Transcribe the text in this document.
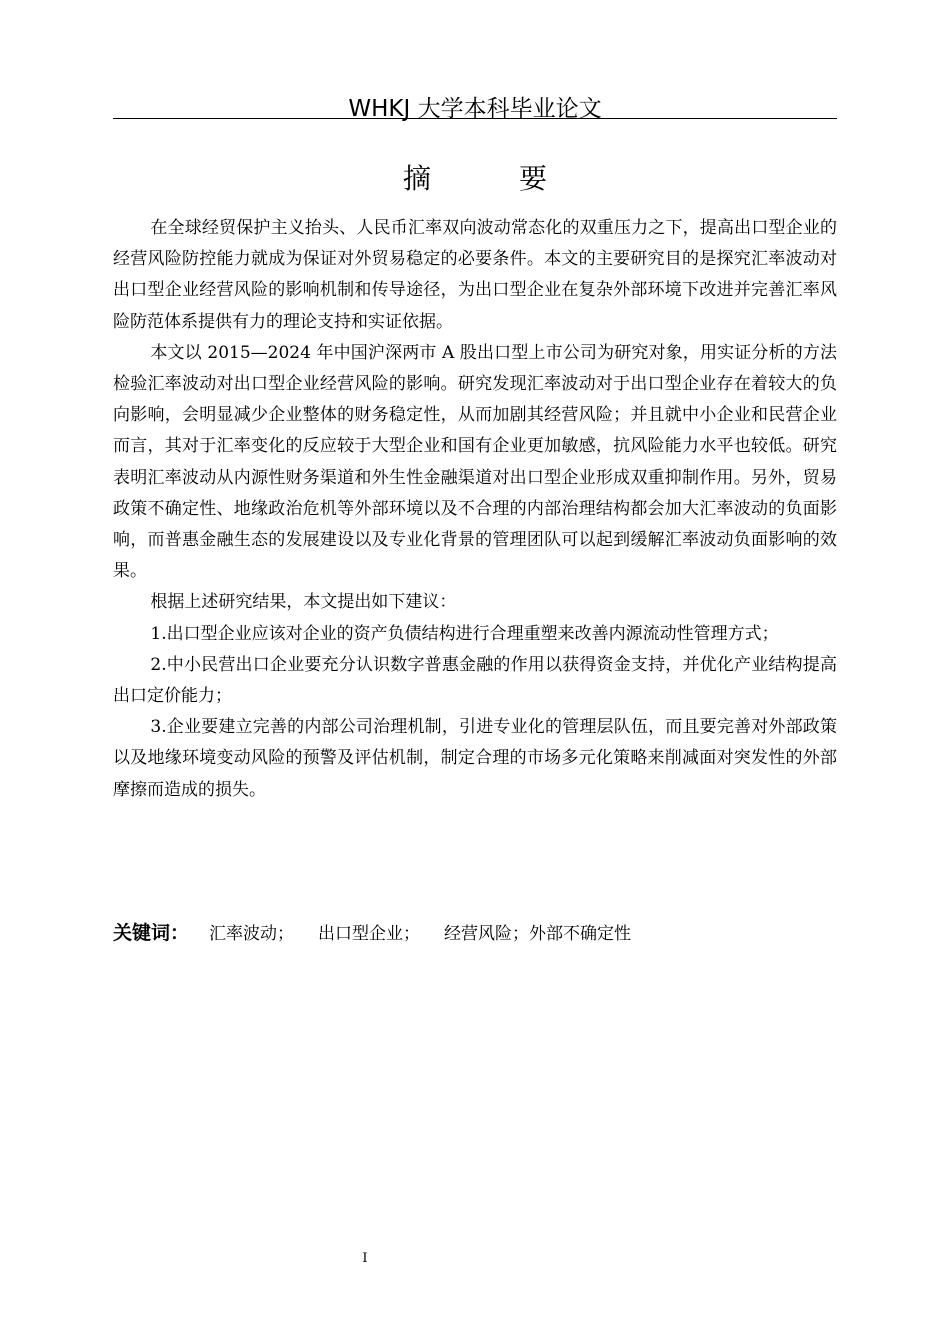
WHKJ 大学本科毕业论文
摘　要

在全球经贸保护主义抬头、人民币汇率双向波动常态化的双重压力之下，提高出口型企业的经营风险防控能力就成为保证对外贸易稳定的必要条件。本文的主要研究目的是探究汇率波动对出口型企业经营风险的影响机制和传导途径，为出口型企业在复杂外部环境下改进并完善汇率风险防范体系提供有力的理论支持和实证依据。

本文以 2015—2024 年中国沪深两市 A 股出口型上市公司为研究对象，用实证分析的方法检验汇率波动对出口型企业经营风险的影响。研究发现汇率波动对于出口型企业存在着较大的负向影响，会明显减少企业整体的财务稳定性，从而加剧其经营风险；并且就中小企业和民营企业而言，其对于汇率变化的反应较于大型企业和国有企业更加敏感，抗风险能力水平也较低。研究表明汇率波动从内源性财务渠道和外生性金融渠道对出口型企业形成双重抑制作用。另外，贸易政策不确定性、地缘政治危机等外部环境以及不合理的内部治理结构都会加大汇率波动的负面影响，而普惠金融生态的发展建设以及专业化背景的管理团队可以起到缓解汇率波动负面影响的效果。

根据上述研究结果，本文提出如下建议：

1.出口型企业应该对企业的资产负债结构进行合理重塑来改善内源流动性管理方式；

2.中小民营出口企业要充分认识数字普惠金融的作用以获得资金支持，并优化产业结构提高出口定价能力；

3.企业要建立完善的内部公司治理机制，引进专业化的管理层队伍，而且要完善对外部政策以及地缘环境变动风险的预警及评估机制，制定合理的市场多元化策略来削减面对突发性的外部摩擦而造成的损失。

关键词： 汇率波动； 出口型企业； 经营风险；外部不确定性
I
